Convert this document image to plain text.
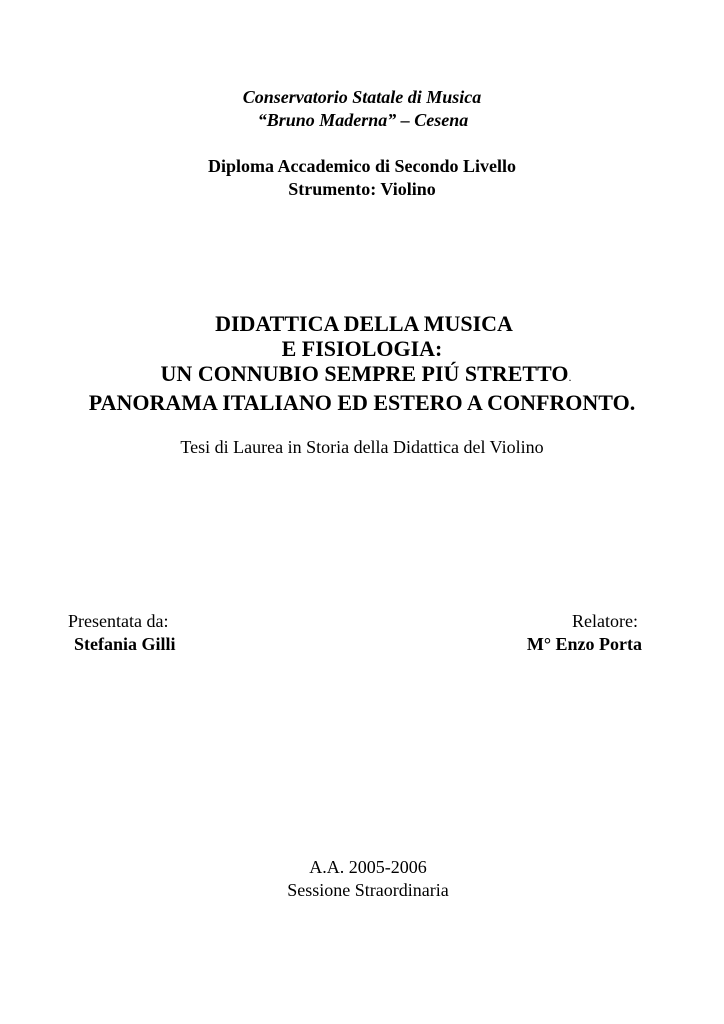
Conservatorio Statale di Musica
“Bruno Maderna” – Cesena
Diploma Accademico di Secondo Livello
Strumento: Violino
DIDATTICA DELLA MUSICA
E FISIOLOGIA:
UN CONNUBIO SEMPRE PIÚ STRETTO.
PANORAMA ITALIANO ED ESTERO A CONFRONTO.
Tesi di Laurea in Storia della Didattica del Violino
Presentata da:
Stefania Gilli
Relatore:
M° Enzo Porta
A.A. 2005-2006
Sessione Straordinaria
